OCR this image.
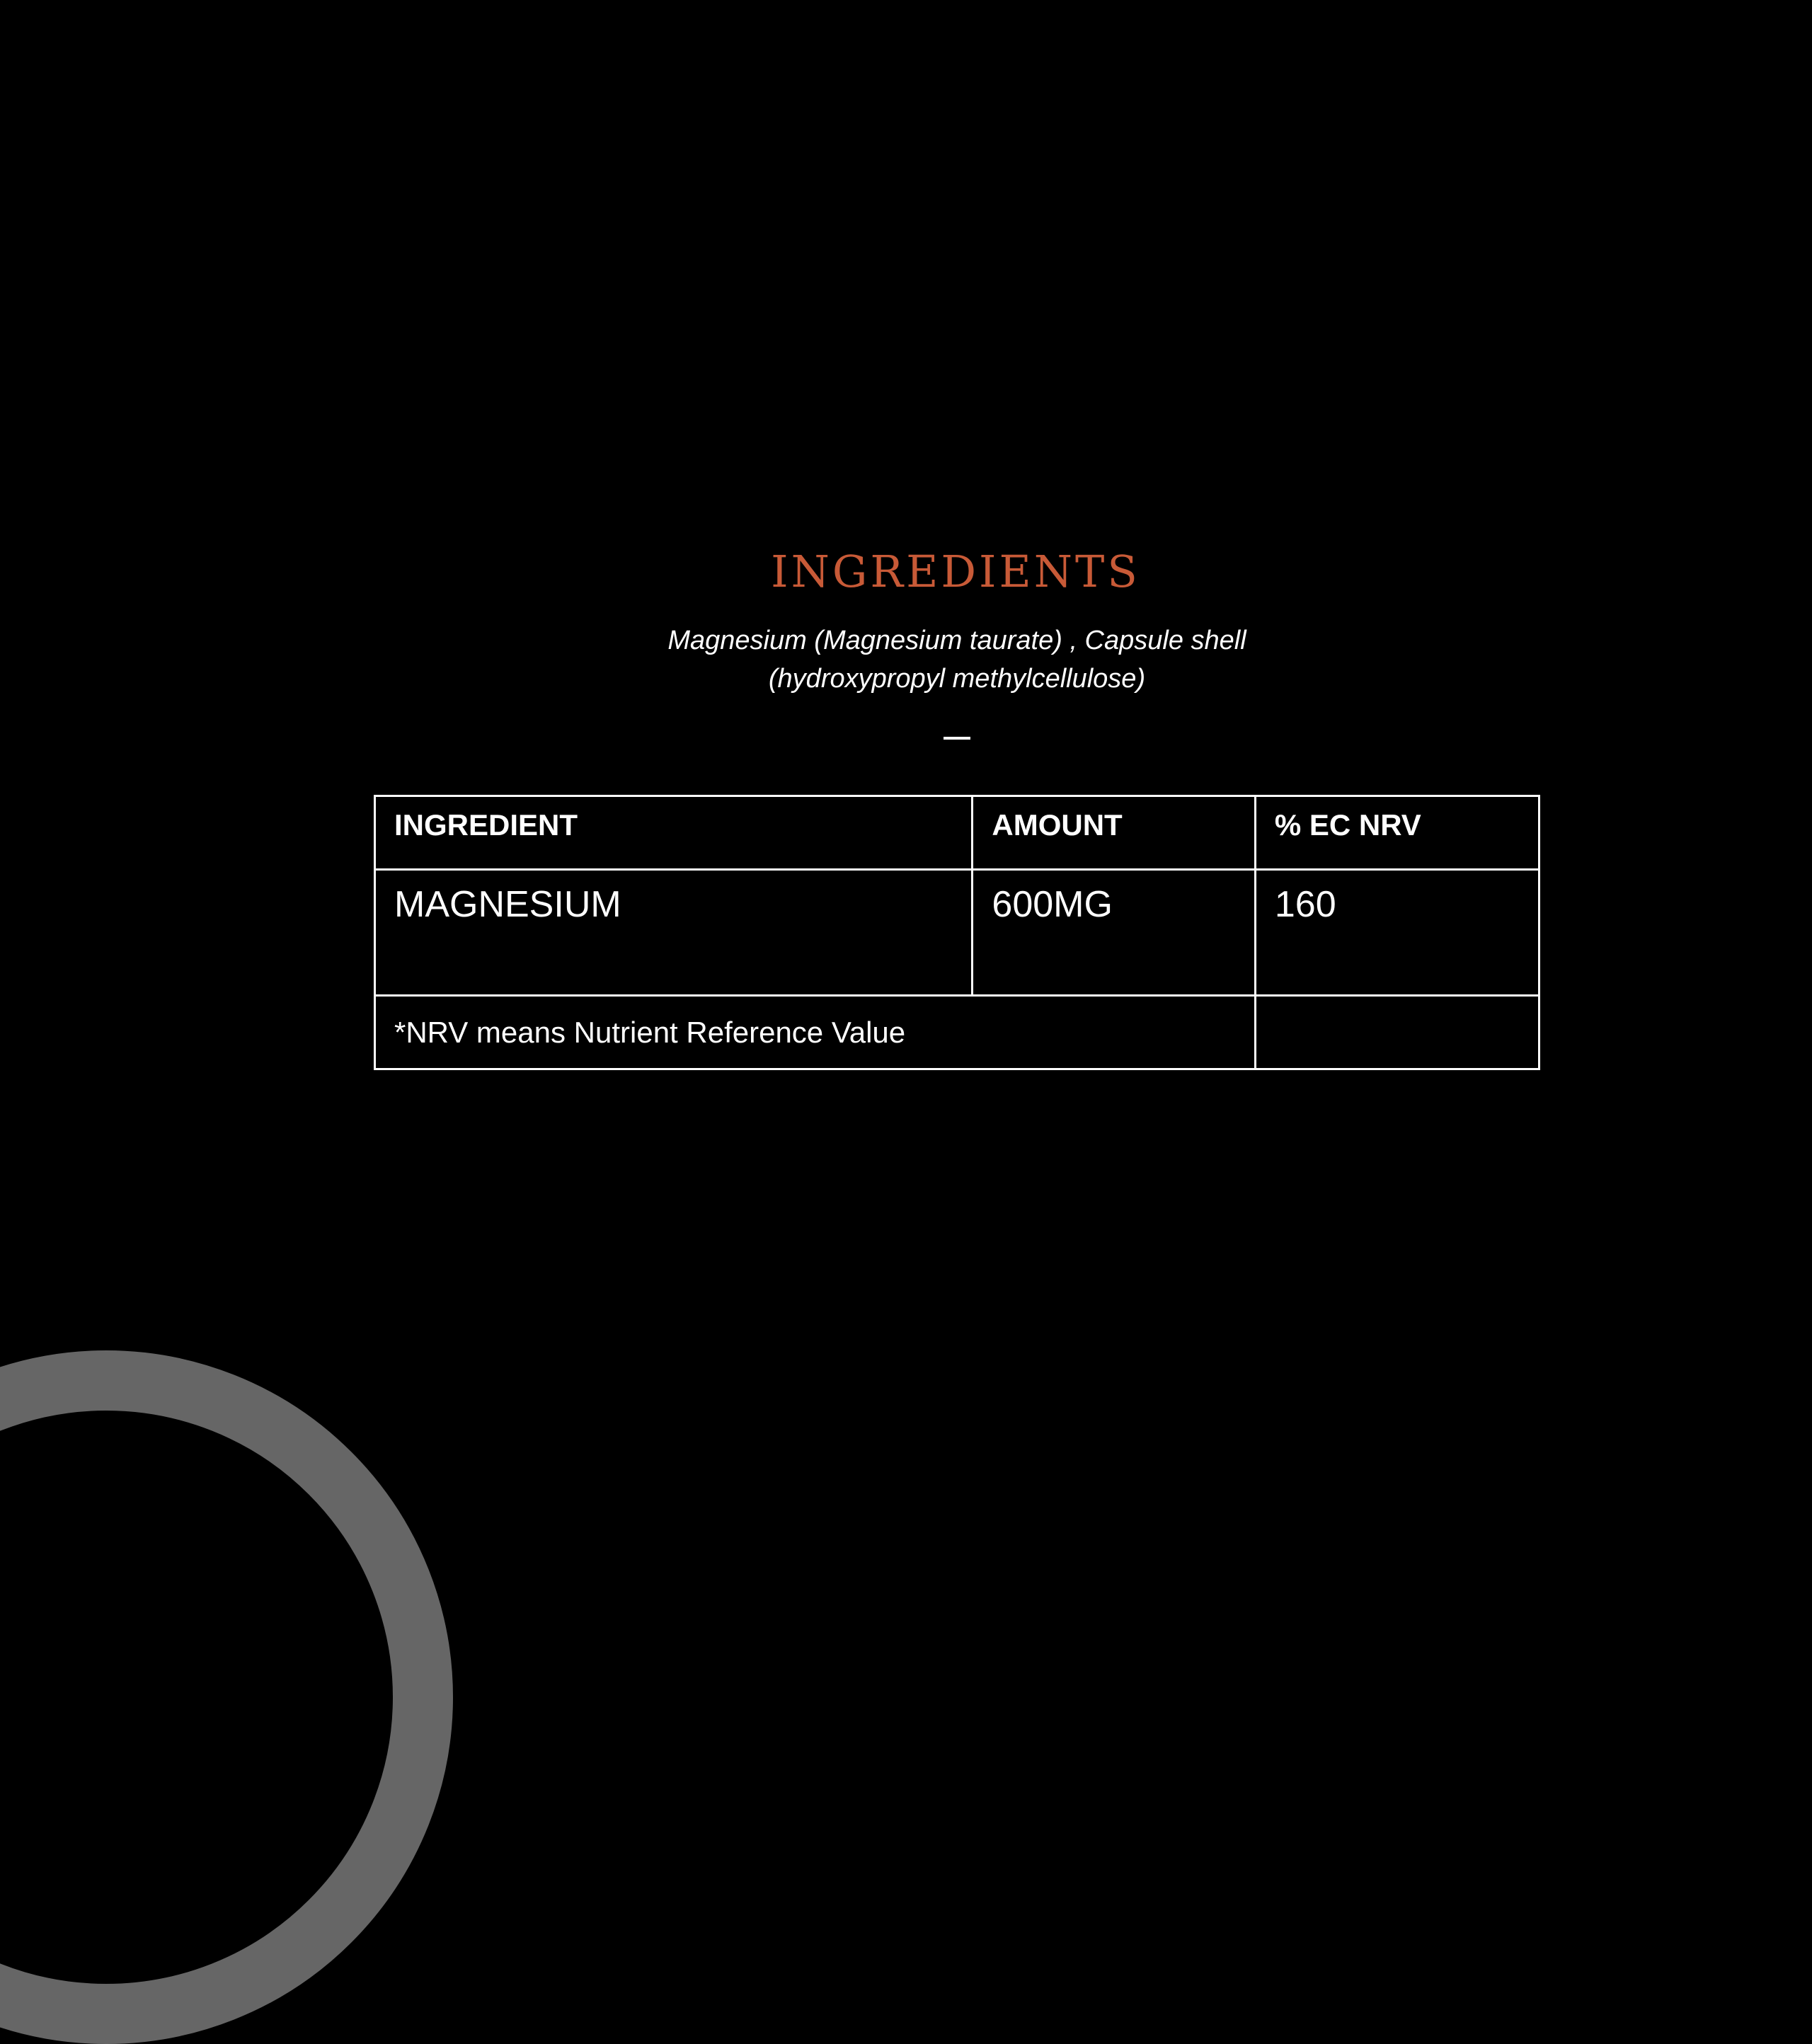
INGREDIENTS
Magnesium (Magnesium taurate) , Capsule shell
(hydroxypropyl methylcellulose)
INGREDIENT	AMOUNT	% EC NRV
MAGNESIUM	600MG	160
*NRV means Nutrient Reference Value		
